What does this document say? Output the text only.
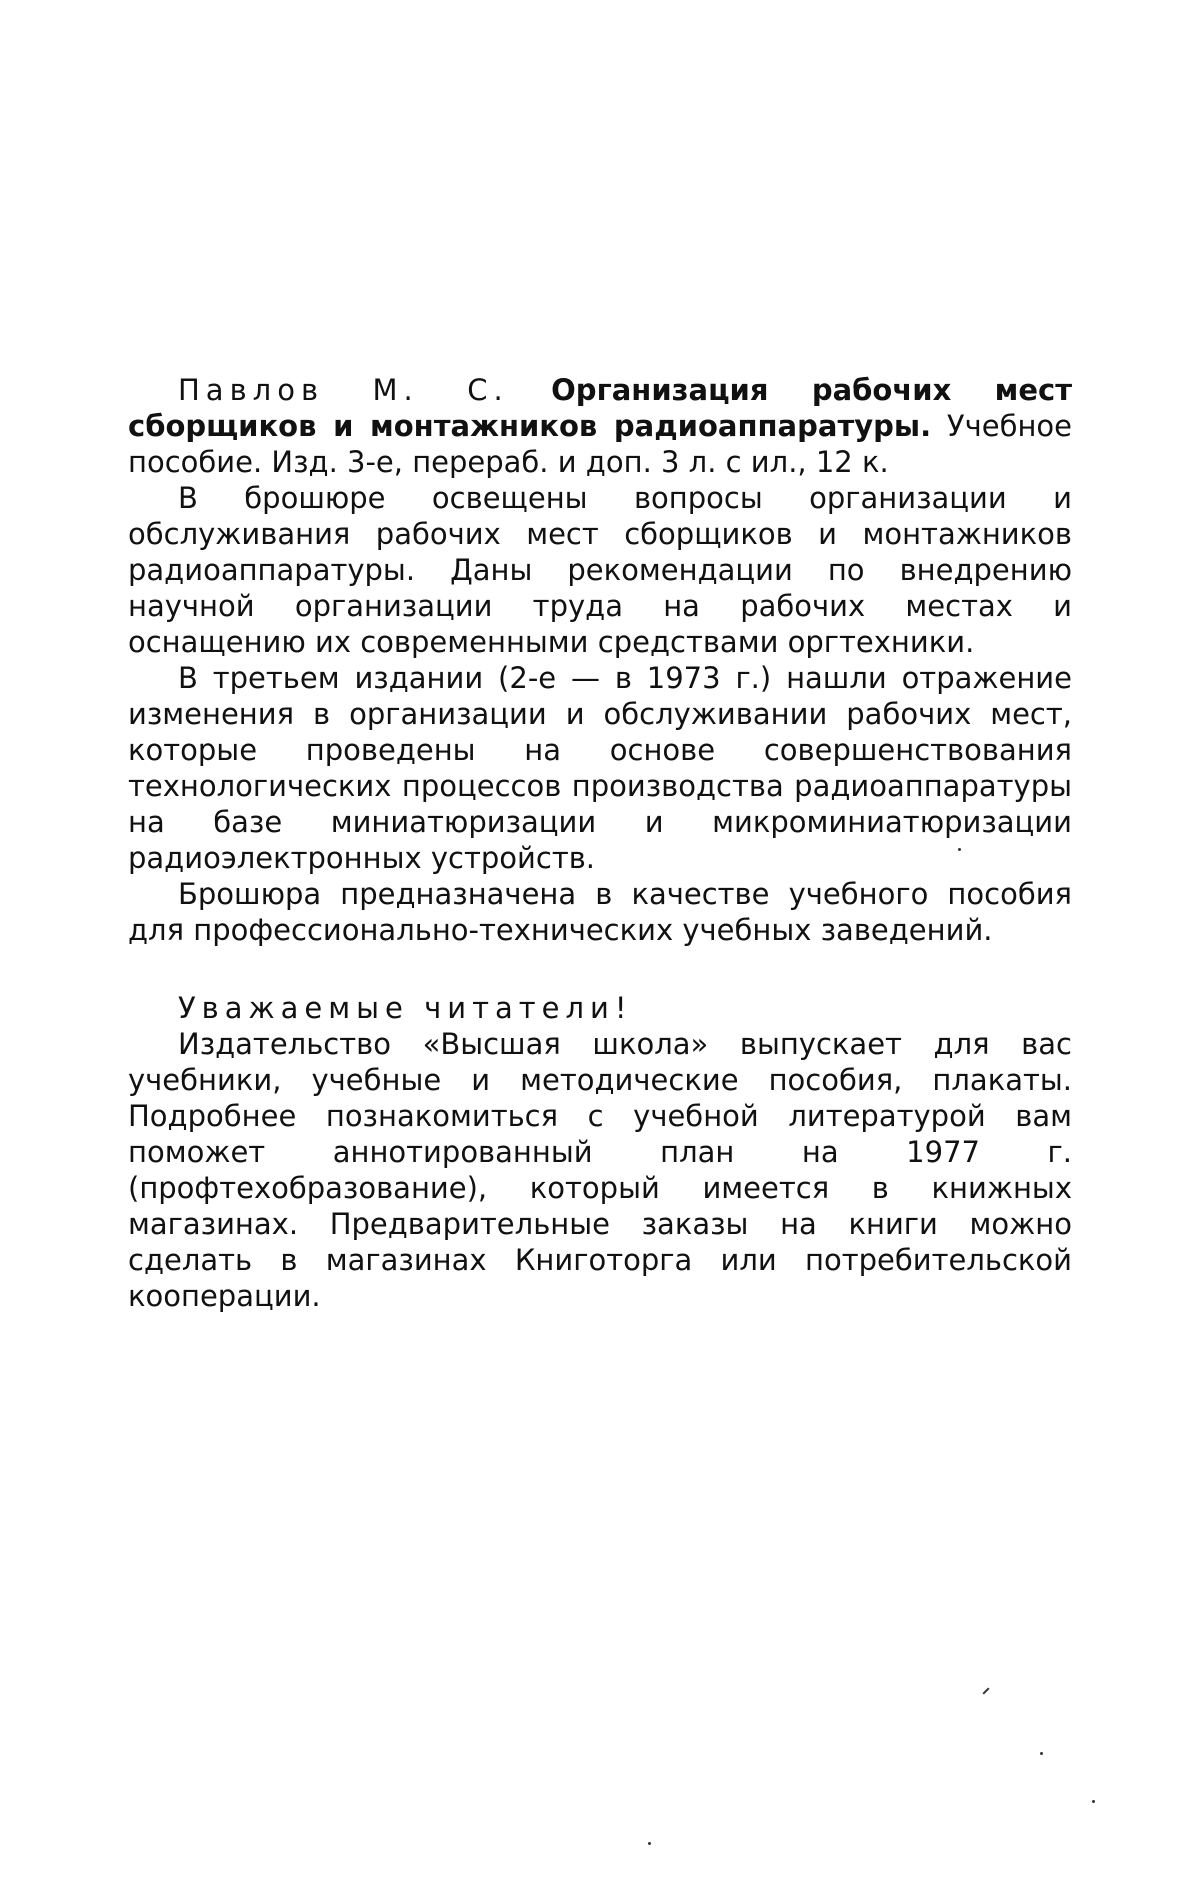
Павлов М. С. Организация рабочих мест сборщиков и монтажников радиоаппаратуры. Учебное пособие. Изд. 3-е, перераб. и доп. 3 л. с ил., 12 к.

В брошюре освещены вопросы организации и обслуживания рабочих мест сборщиков и монтажников радиоаппаратуры. Даны рекомендации по внедрению научной организации труда на рабочих местах и оснащению их современными средствами оргтехники.

В третьем издании (2-е — в 1973 г.) нашли отражение изменения в организации и обслуживании рабочих мест, которые проведены на основе совершенствования технологических процессов производства радиоаппаратуры на базе миниатюризации и микроминиатюризации радиоэлектронных устройств.

Брошюра предназначена в качестве учебного пособия для профессионально-технических учебных заведений.

Уважаемые читатели!

Издательство «Высшая школа» выпускает для вас учебники, учебные и методические пособия, плакаты. Подробнее познакомиться с учебной литературой вам поможет аннотированный план на 1977 г. (профтехобразование), который имеется в книжных магазинах. Предварительные заказы на книги можно сделать в магазинах Книготорга или потребительской кооперации.
